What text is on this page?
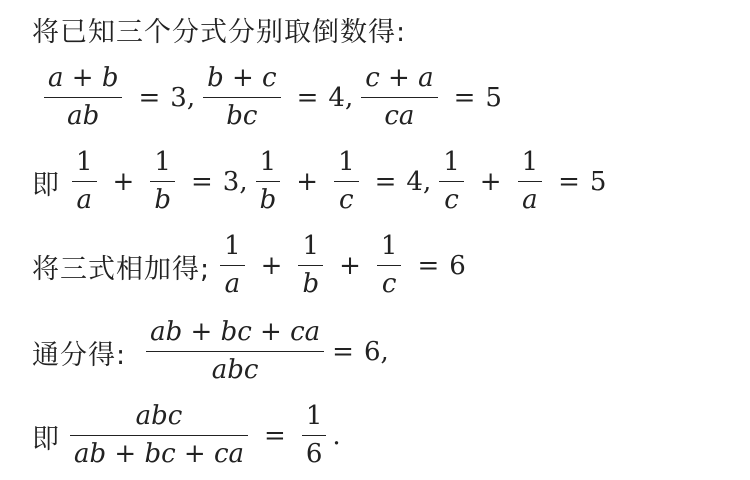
将已知三个分式分别取倒数得:
$\frac{a + b}{ab} = 3$ , $\frac{b + c}{bc} = 4$ , $\frac{c + a}{ca} = 5$
即 $\frac{1}{a} + \frac{1}{b} = 3$ , $\frac{1}{b} + \frac{1}{c} = 4$ , $\frac{1}{c} + \frac{1}{a} = 5$
将三式相加得; $\frac{1}{a} + \frac{1}{b} + \frac{1}{c} = 6$
通分得: $\frac{ab + bc + ca}{\text{abc}} = 6$,
即 $\frac{\text{abc}}{ab + bc + ca} = \frac{1}{6}$ .
